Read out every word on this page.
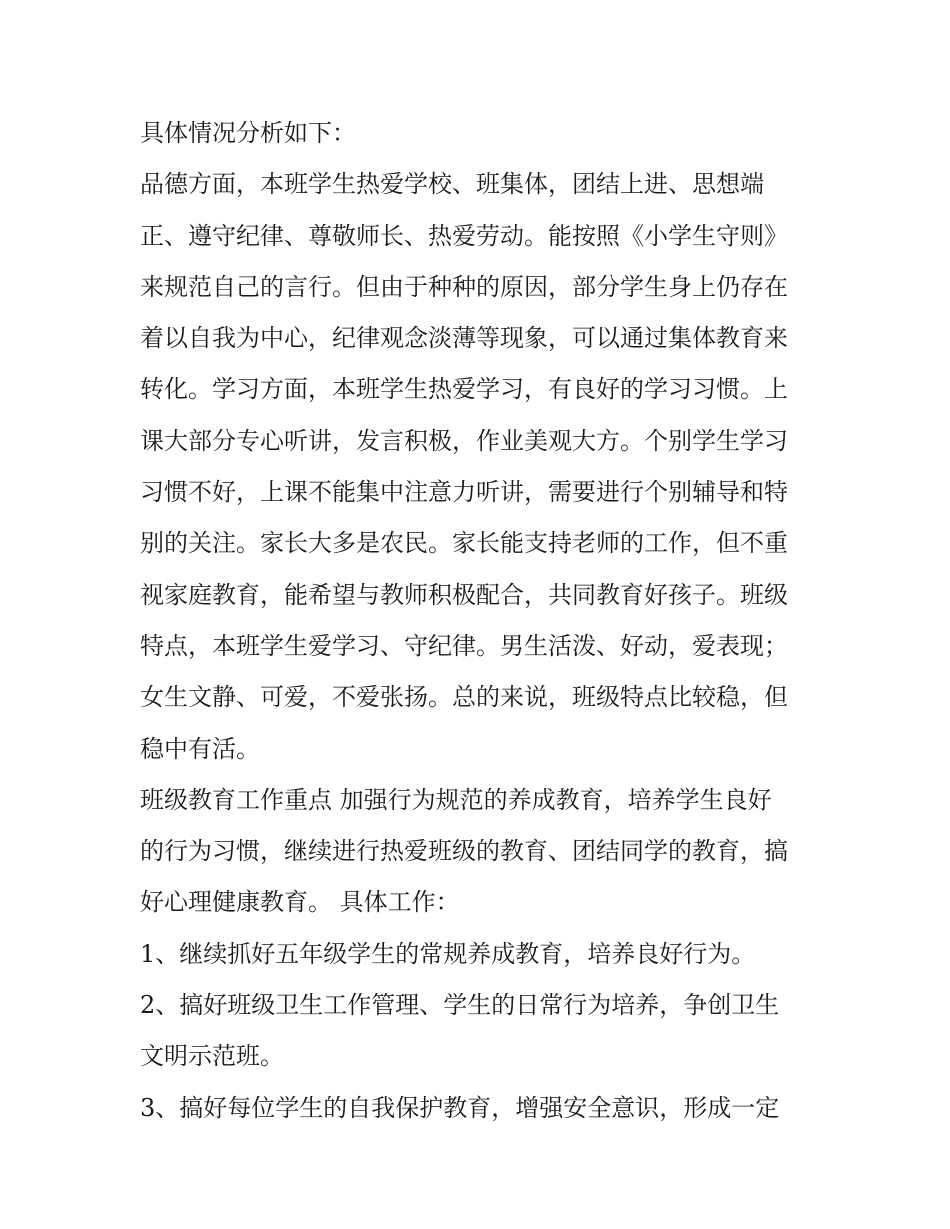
具体情况分析如下：
品德方面，本班学生热爱学校、班集体，团结上进、思想端
正、遵守纪律、尊敬师长、热爱劳动。能按照《小学生守则》
来规范自己的言行。但由于种种的原因，部分学生身上仍存在
着以自我为中心，纪律观念淡薄等现象，可以通过集体教育来
转化。学习方面，本班学生热爱学习，有良好的学习习惯。上
课大部分专心听讲，发言积极，作业美观大方。个别学生学习
习惯不好，上课不能集中注意力听讲，需要进行个别辅导和特
别的关注。家长大多是农民。家长能支持老师的工作，但不重
视家庭教育，能希望与教师积极配合，共同教育好孩子。班级
特点，本班学生爱学习、守纪律。男生活泼、好动，爱表现；
女生文静、可爱，不爱张扬。总的来说，班级特点比较稳，但
稳中有活。
班级教育工作重点 加强行为规范的养成教育，培养学生良好
的行为习惯，继续进行热爱班级的教育、团结同学的教育，搞
好心理健康教育。 具体工作：
1、继续抓好五年级学生的常规养成教育，培养良好行为。
2、搞好班级卫生工作管理、学生的日常行为培养，争创卫生
文明示范班。
3、搞好每位学生的自我保护教育，增强安全意识，形成一定
